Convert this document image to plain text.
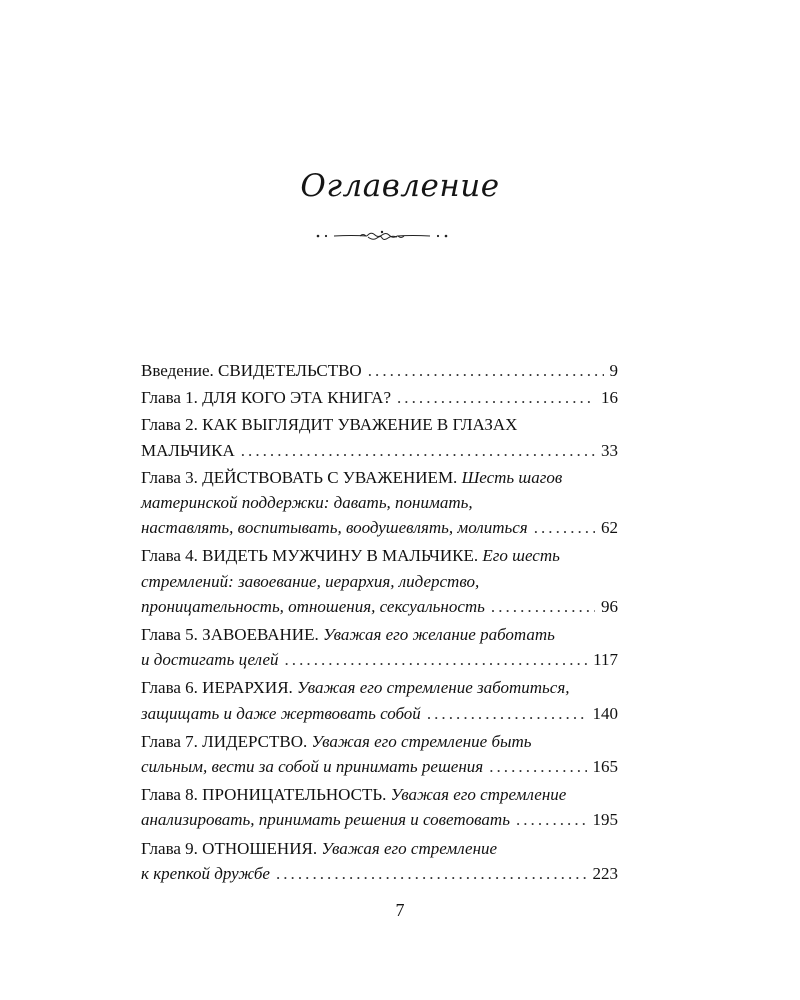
Оглавление
Введение. СВИДЕТЕЛЬСТВО . . .	9
Глава 1. ДЛЯ КОГО ЭТА КНИГА? . . .	16
Глава 2. КАК ВЫГЛЯДИТ УВАЖЕНИЕ В ГЛАЗАХ
МАЛЬЧИКА . . .	33
Глава 3. ДЕЙСТВОВАТЬ С УВАЖЕНИЕМ. Шесть шагов
материнской поддержки: давать, понимать,
наставлять, воспитывать, воодушевлять, молиться . . .	62
Глава 4. ВИДЕТЬ МУЖЧИНУ В МАЛЬЧИКЕ. Его шесть
стремлений: завоевание, иерархия, лидерство,
проницательность, отношения, сексуальность . . .	96
Глава 5. ЗАВОЕВАНИЕ. Уважая его желание работать
и достигать целей . . .	117
Глава 6. ИЕРАРХИЯ. Уважая его стремление заботиться,
защищать и даже жертвовать собой . . .	140
Глава 7. ЛИДЕРСТВО. Уважая его стремление быть
сильным, вести за собой и принимать решения . . .	165
Глава 8. ПРОНИЦАТЕЛЬНОСТЬ. Уважая его стремление
анализировать, принимать решения и советовать . . .	195
Глава 9. ОТНОШЕНИЯ. Уважая его стремление
к крепкой дружбе . . .	223
7
